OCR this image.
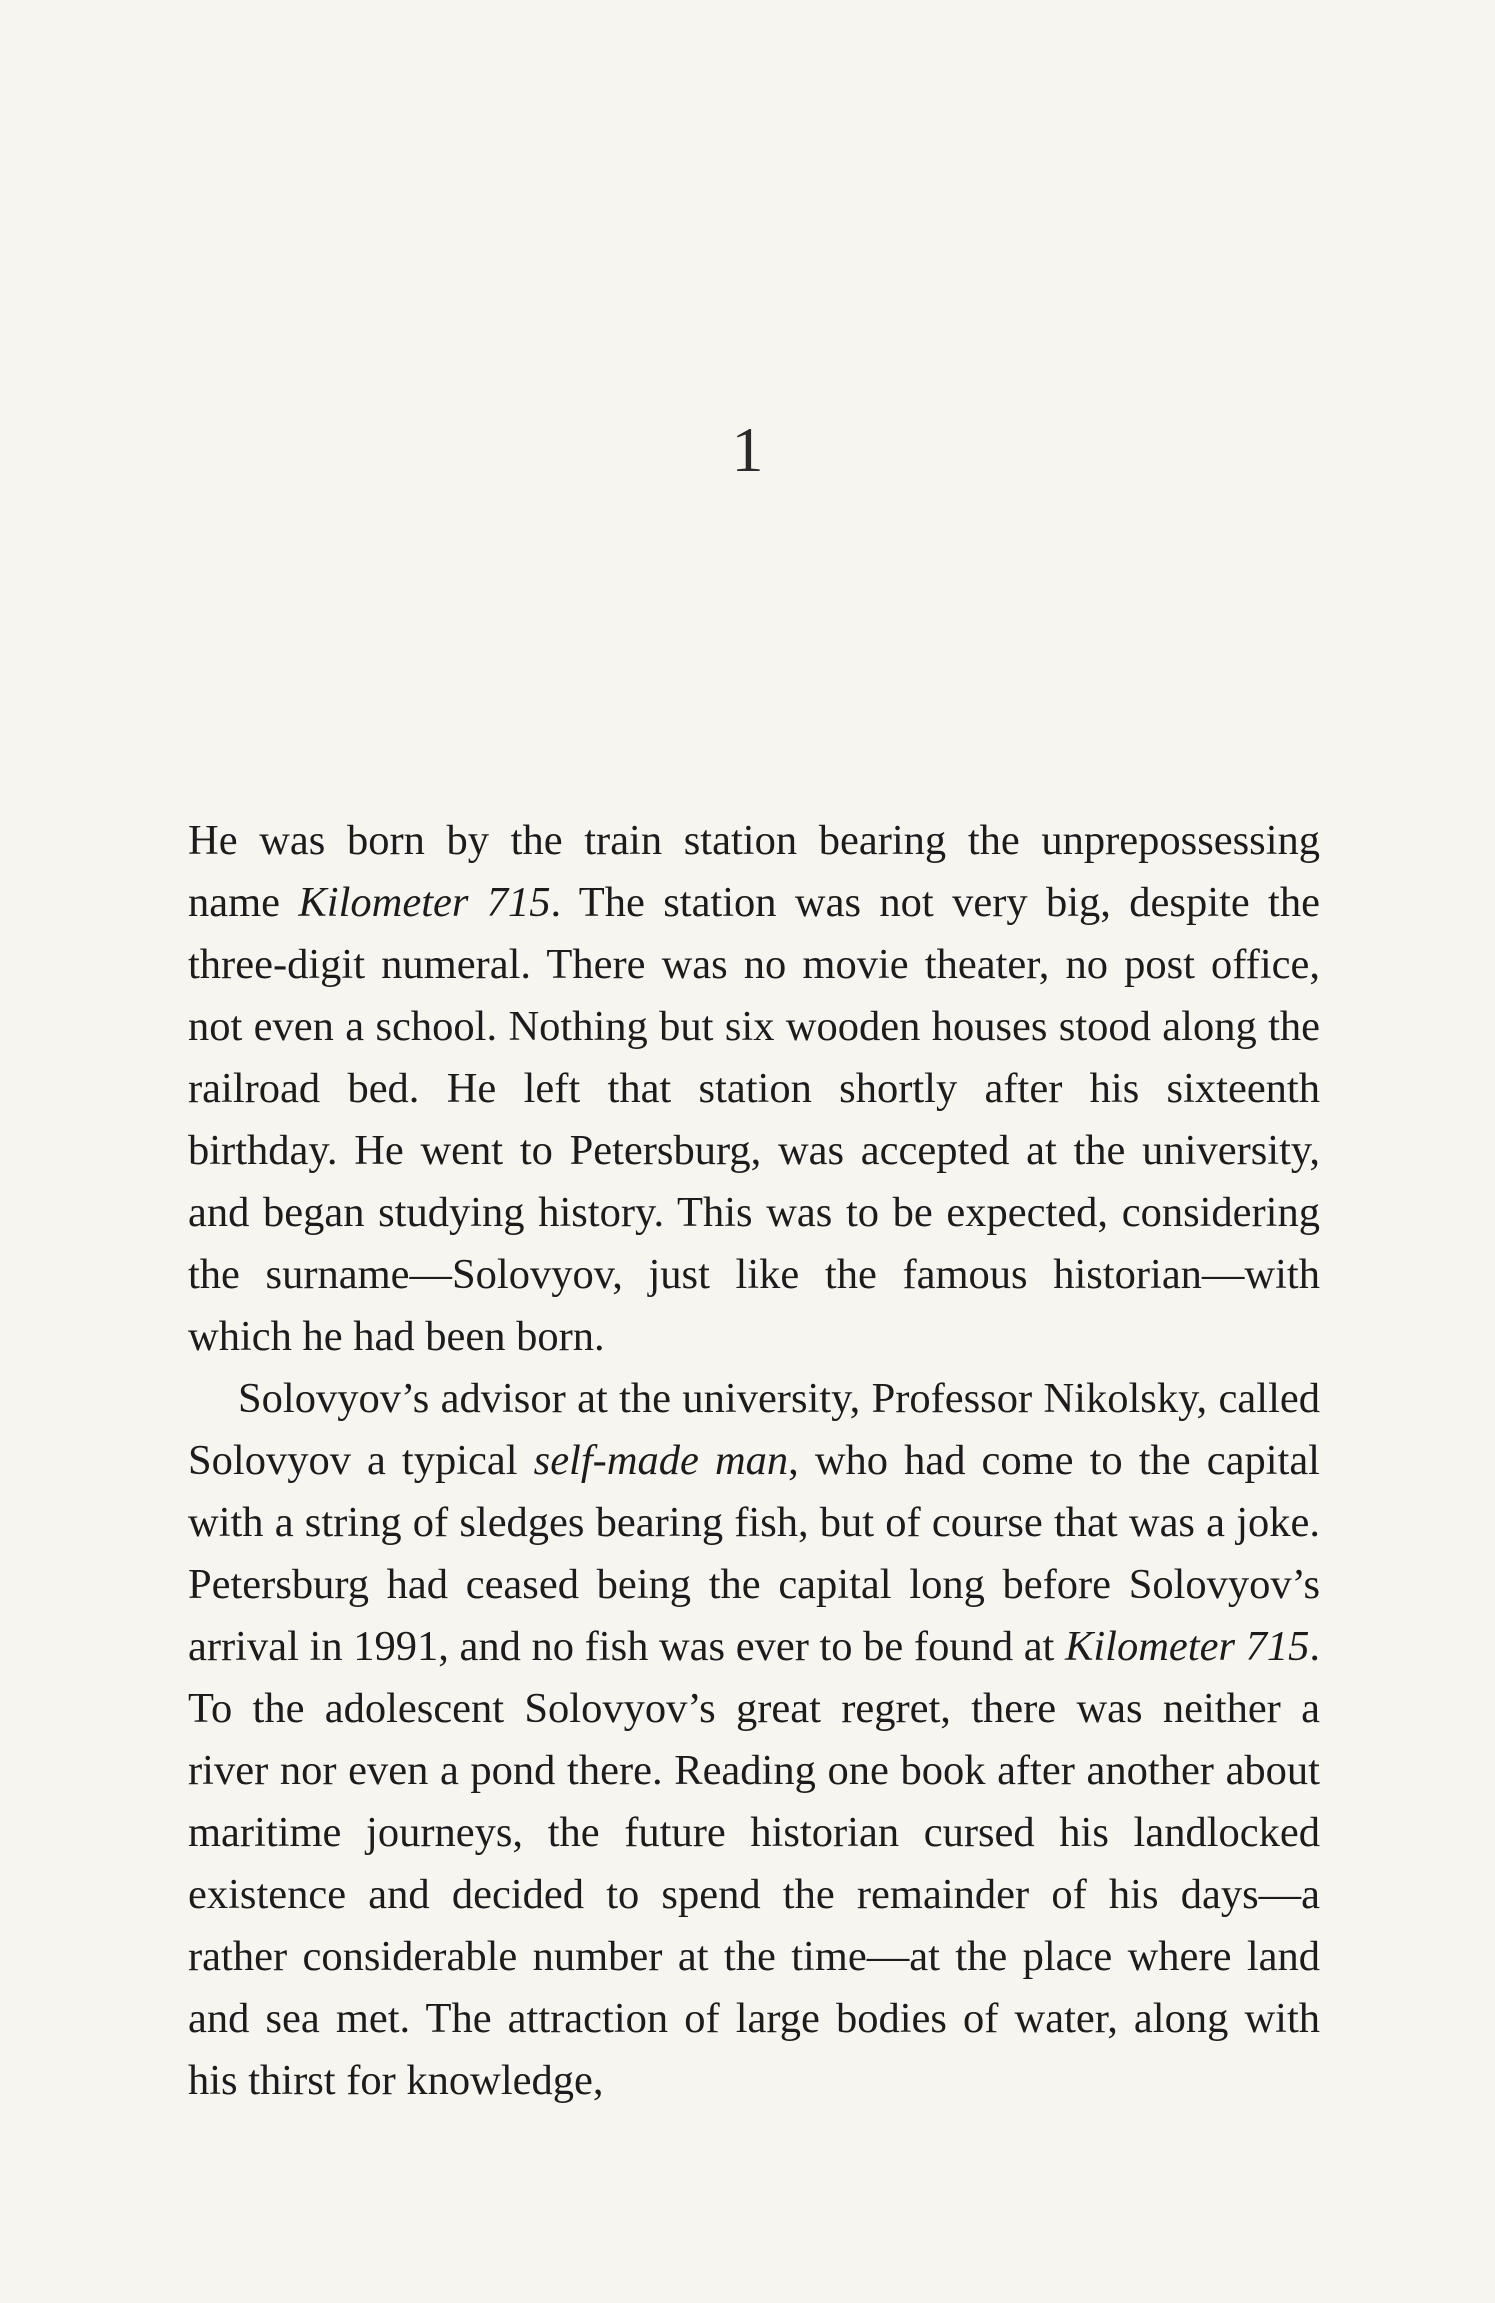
1

He was born by the train station bearing the unprepossessing name Kilometer 715. The station was not very big, despite the three-digit numeral. There was no movie theater, no post office, not even a school. Nothing but six wooden houses stood along the railroad bed. He left that station shortly after his sixteenth birthday. He went to Petersburg, was accepted at the university, and began studying history. This was to be expected, considering the surname—Solovyov, just like the famous historian—with which he had been born.

Solovyov’s advisor at the university, Professor Nikolsky, called Solovyov a typical self-made man, who had come to the capital with a string of sledges bearing fish, but of course that was a joke. Petersburg had ceased being the capital long before Solovyov’s arrival in 1991, and no fish was ever to be found at Kilometer 715. To the adolescent Solovyov’s great regret, there was neither a river nor even a pond there. Reading one book after another about maritime journeys, the future historian cursed his landlocked existence and decided to spend the remainder of his days—a rather considerable number at the time—at the place where land and sea met. The attraction of large bodies of water, along with his thirst for knowledge,
